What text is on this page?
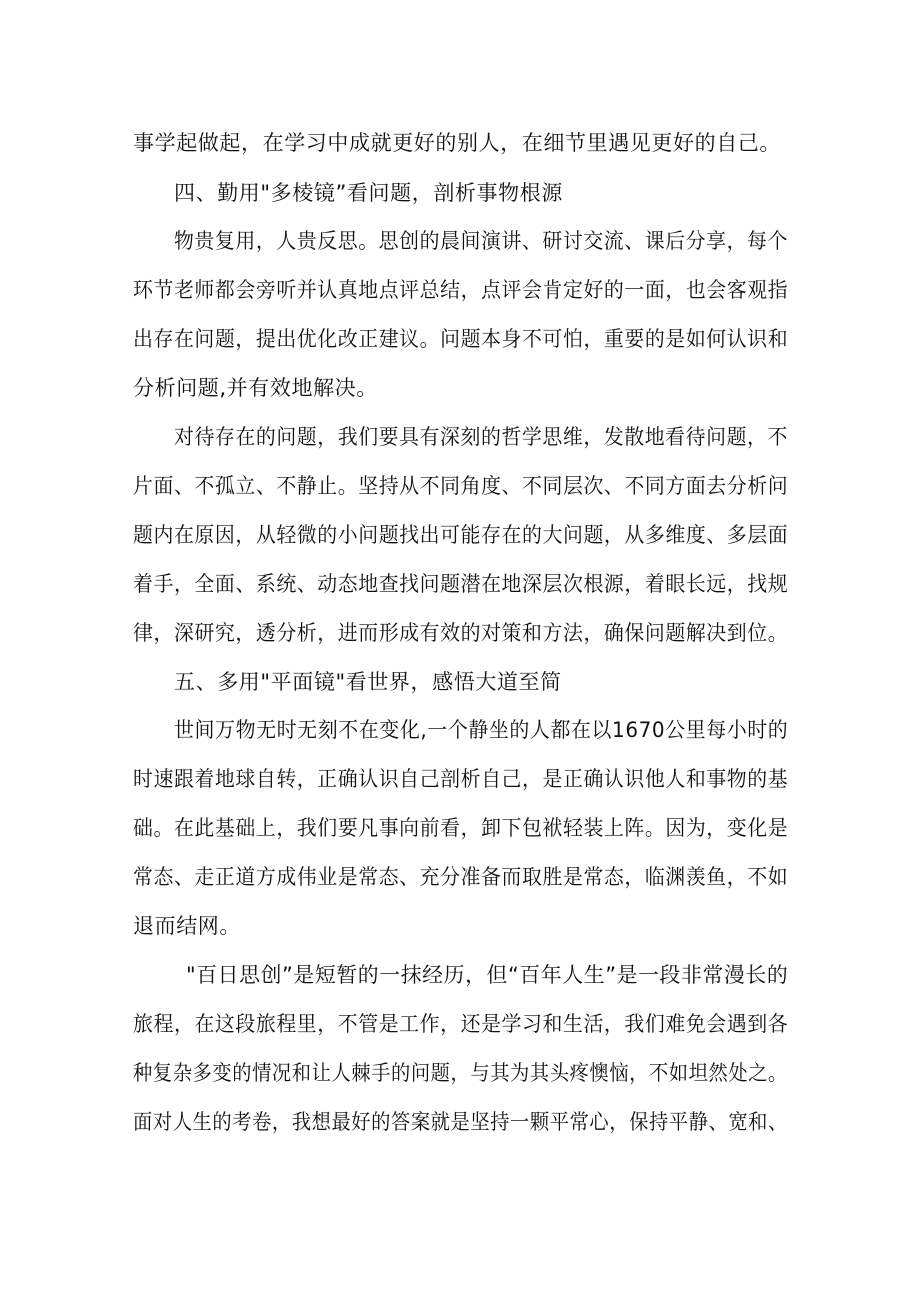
事学起做起，在学习中成就更好的别人，在细节里遇见更好的自己。
四、勤用"多棱镜”看问题，剖析事物根源
物贵复用，人贵反思。思创的晨间演讲、研讨交流、课后分享，每个
环节老师都会旁听并认真地点评总结，点评会肯定好的一面，也会客观指
出存在问题，提出优化改正建议。问题本身不可怕，重要的是如何认识和
分析问题,并有效地解决。
对待存在的问题，我们要具有深刻的哲学思维，发散地看待问题，不
片面、不孤立、不静止。坚持从不同角度、不同层次、不同方面去分析问
题内在原因，从轻微的小问题找出可能存在的大问题，从多维度、多层面
着手，全面、系统、动态地查找问题潜在地深层次根源，着眼长远，找规
律，深研究，透分析，进而形成有效的对策和方法，确保问题解决到位。
五、多用"平面镜"看世界，感悟大道至简
世间万物无时无刻不在变化,一个静坐的人都在以1670公里每小时的
时速跟着地球自转，正确认识自己剖析自己，是正确认识他人和事物的基
础。在此基础上，我们要凡事向前看，卸下包袱轻装上阵。因为，变化是
常态、走正道方成伟业是常态、充分准备而取胜是常态，临渊羡鱼，不如
退而结网。
"百日思创”是短暂的一抹经历，但“百年人生”是一段非常漫长的
旅程，在这段旅程里，不管是工作，还是学习和生活，我们难免会遇到各
种复杂多变的情况和让人棘手的问题，与其为其头疼懊恼，不如坦然处之。
面对人生的考卷，我想最好的答案就是坚持一颗平常心，保持平静、宽和、
